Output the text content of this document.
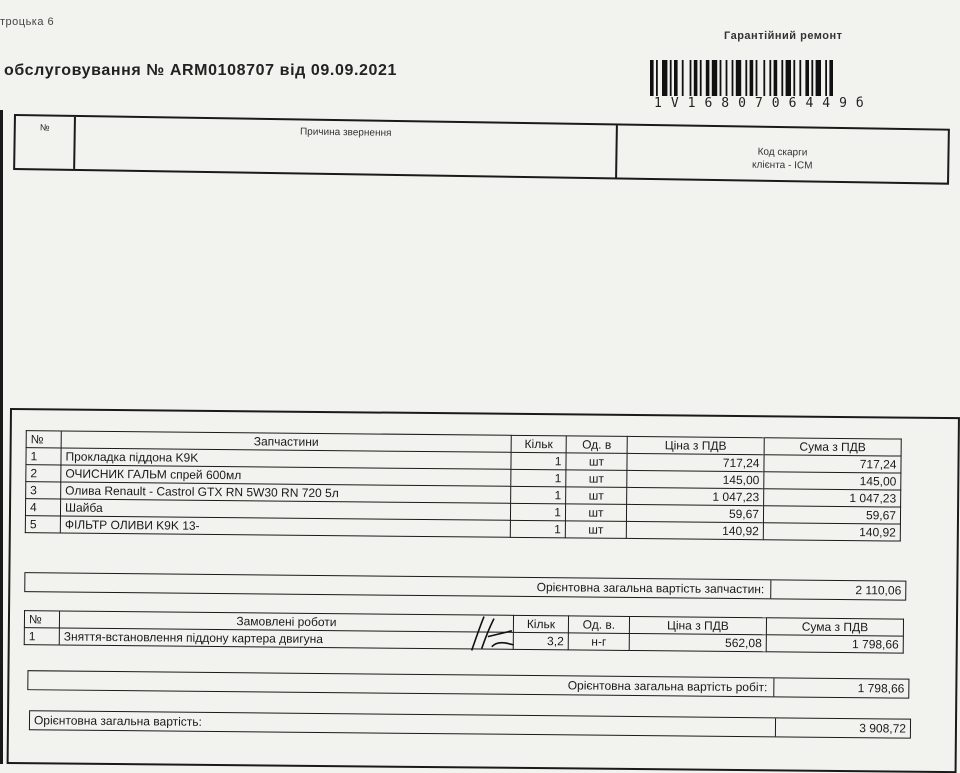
троцька 6
обслуговування № ARM0108707 від 09.09.2021
Гарантійний ремонт
1V1680706449б
№	Причина звернення
Код скарги
клієнта - ICM
№	Запчастини	Кільк	Од. в	Ціна з ПДВ	Сума з ПДВ
1	Прокладка піддона K9K	1	шт	717,24	717,24
2	ОЧИСНИК ГАЛЬМ спрей 600мл	1	шт	145,00	145,00
3	Олива Renault - Castrol GTX RN 5W30 RN 720 5л	1	шт	1 047,23	1 047,23
4	Шайба	1	шт	59,67	59,67
5	ФІЛЬТР ОЛИВИ K9K 13-	1	шт	140,92	140,92
Орієнтовна загальна вартість запчастин:	2 110,06
№	Замовлені роботи	Кільк	Од. в.	Ціна з ПДВ	Сума з ПДВ
1	Зняття-встановлення піддону картера двигуна	3,2	н-г	562,08	1 798,66
Орієнтовна загальна вартість робіт:	1 798,66
Орієнтовна загальна вартість:	3 908,72
